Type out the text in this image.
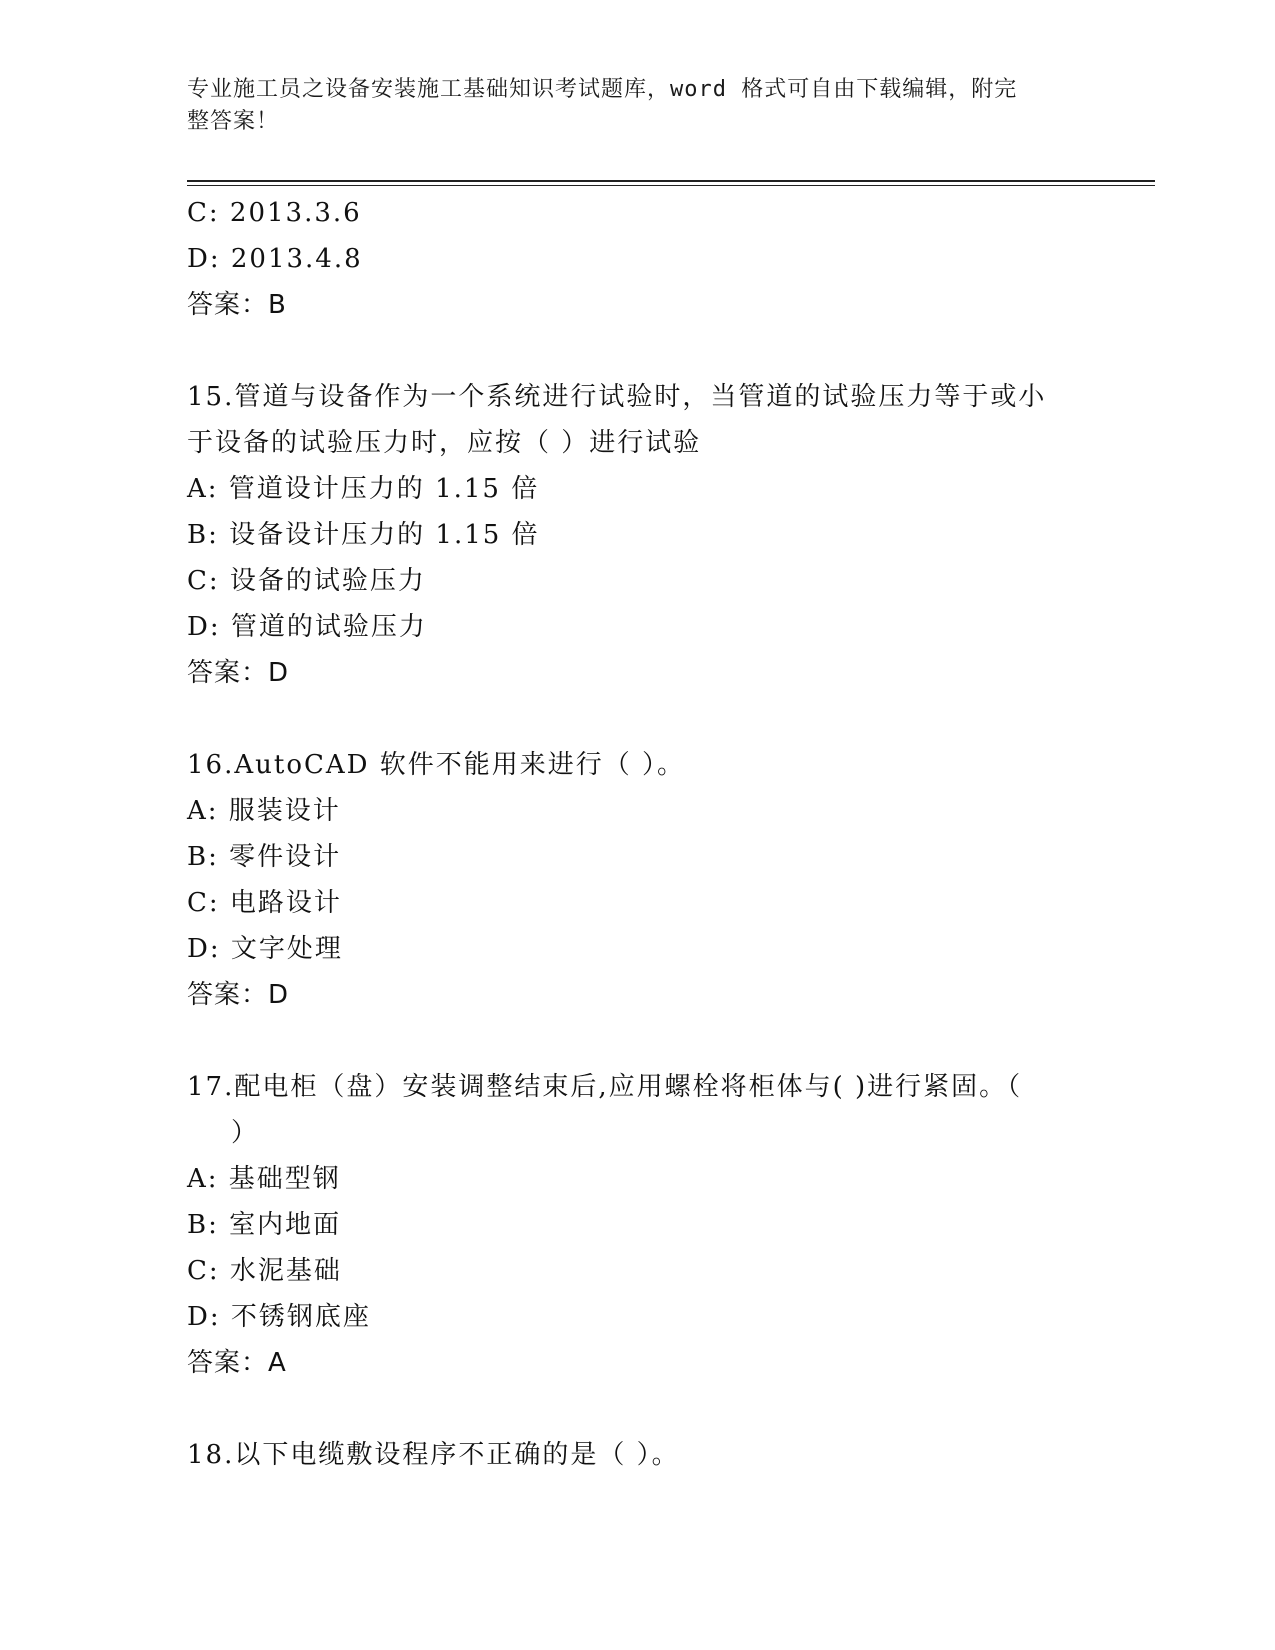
专业施工员之设备安装施工基础知识考试题库，word 格式可自由下载编辑，附完
整答案！
C: 2013.3.6
D: 2013.4.8
答案：B
15.管道与设备作为一个系统进行试验时，当管道的试验压力等于或小
于设备的试验压力时，应按（ ）进行试验
A: 管道设计压力的 1.15 倍
B: 设备设计压力的 1.15 倍
C: 设备的试验压力
D: 管道的试验压力
答案：D
16.AutoCAD 软件不能用来进行（ ）。
A: 服装设计
B: 零件设计
C: 电路设计
D: 文字处理
答案：D
17.配电柜（盘）安装调整结束后,应用螺栓将柜体与( )进行紧固。（
）
A: 基础型钢
B: 室内地面
C: 水泥基础
D: 不锈钢底座
答案：A
18.以下电缆敷设程序不正确的是（ ）。
